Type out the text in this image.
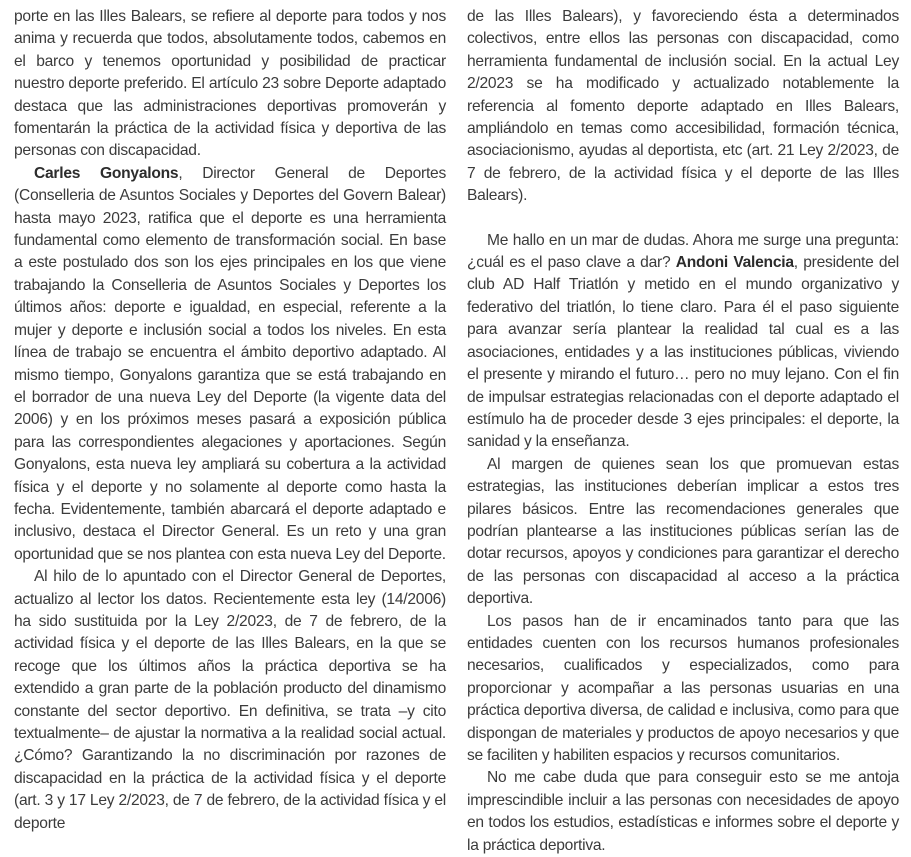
porte en las Illes Balears, se refiere al deporte para todos y nos anima y recuerda que todos, absolutamente todos, cabemos en el barco y tenemos oportunidad y posibilidad de practicar nuestro deporte preferido. El artículo 23 sobre Deporte adaptado destaca que las administraciones deportivas promoverán y fomentarán la práctica de la actividad física y deportiva de las personas con discapacidad.

Carles Gonyalons, Director General de Deportes (Conselleria de Asuntos Sociales y Deportes del Govern Balear) hasta mayo 2023, ratifica que el deporte es una herramienta fundamental como elemento de transformación social. En base a este postulado dos son los ejes principales en los que viene trabajando la Conselleria de Asuntos Sociales y Deportes los últimos años: deporte e igualdad, en especial, referente a la mujer y deporte e inclusión social a todos los niveles. En esta línea de trabajo se encuentra el ámbito deportivo adaptado. Al mismo tiempo, Gonyalons garantiza que se está trabajando en el borrador de una nueva Ley del Deporte (la vigente data del 2006) y en los próximos meses pasará a exposición pública para las correspondientes alegaciones y aportaciones. Según Gonyalons, esta nueva ley ampliará su cobertura a la actividad física y el deporte y no solamente al deporte como hasta la fecha. Evidentemente, también abarcará el deporte adaptado e inclusivo, destaca el Director General. Es un reto y una gran oportunidad que se nos plantea con esta nueva Ley del Deporte.

Al hilo de lo apuntado con el Director General de Deportes, actualizo al lector los datos. Recientemente esta ley (14/2006) ha sido sustituida por la Ley 2/2023, de 7 de febrero, de la actividad física y el deporte de las Illes Balears, en la que se recoge que los últimos años la práctica deportiva se ha extendido a gran parte de la población producto del dinamismo constante del sector deportivo. En definitiva, se trata –y cito textualmente– de ajustar la normativa a la realidad social actual. ¿Cómo? Garantizando la no discriminación por razones de discapacidad en la práctica de la actividad física y el deporte (art. 3 y 17 Ley 2/2023, de 7 de febrero, de la actividad física y el deporte

de las Illes Balears), y favoreciendo ésta a determinados colectivos, entre ellos las personas con discapacidad, como herramienta fundamental de inclusión social. En la actual Ley 2/2023 se ha modificado y actualizado notablemente la referencia al fomento deporte adaptado en Illes Balears, ampliándolo en temas como accesibilidad, formación técnica, asociacionismo, ayudas al deportista, etc (art. 21 Ley 2/2023, de 7 de febrero, de la actividad física y el deporte de las Illes Balears).

Me hallo en un mar de dudas. Ahora me surge una pregunta: ¿cuál es el paso clave a dar? Andoni Valencia, presidente del club AD Half Triatlón y metido en el mundo organizativo y federativo del triatlón, lo tiene claro. Para él el paso siguiente para avanzar sería plantear la realidad tal cual es a las asociaciones, entidades y a las instituciones públicas, viviendo el presente y mirando el futuro… pero no muy lejano. Con el fin de impulsar estrategias relacionadas con el deporte adaptado el estímulo ha de proceder desde 3 ejes principales: el deporte, la sanidad y la enseñanza.

Al margen de quienes sean los que promuevan estas estrategias, las instituciones deberían implicar a estos tres pilares básicos. Entre las recomendaciones generales que podrían plantearse a las instituciones públicas serían las de dotar recursos, apoyos y condiciones para garantizar el derecho de las personas con discapacidad al acceso a la práctica deportiva.

Los pasos han de ir encaminados tanto para que las entidades cuenten con los recursos humanos profesionales necesarios, cualificados y especializados, como para proporcionar y acompañar a las personas usuarias en una práctica deportiva diversa, de calidad e inclusiva, como para que dispongan de materiales y productos de apoyo necesarios y que se faciliten y habiliten espacios y recursos comunitarios.

No me cabe duda que para conseguir esto se me antoja imprescindible incluir a las personas con necesidades de apoyo en todos los estudios, estadísticas e informes sobre el deporte y la práctica deportiva.
